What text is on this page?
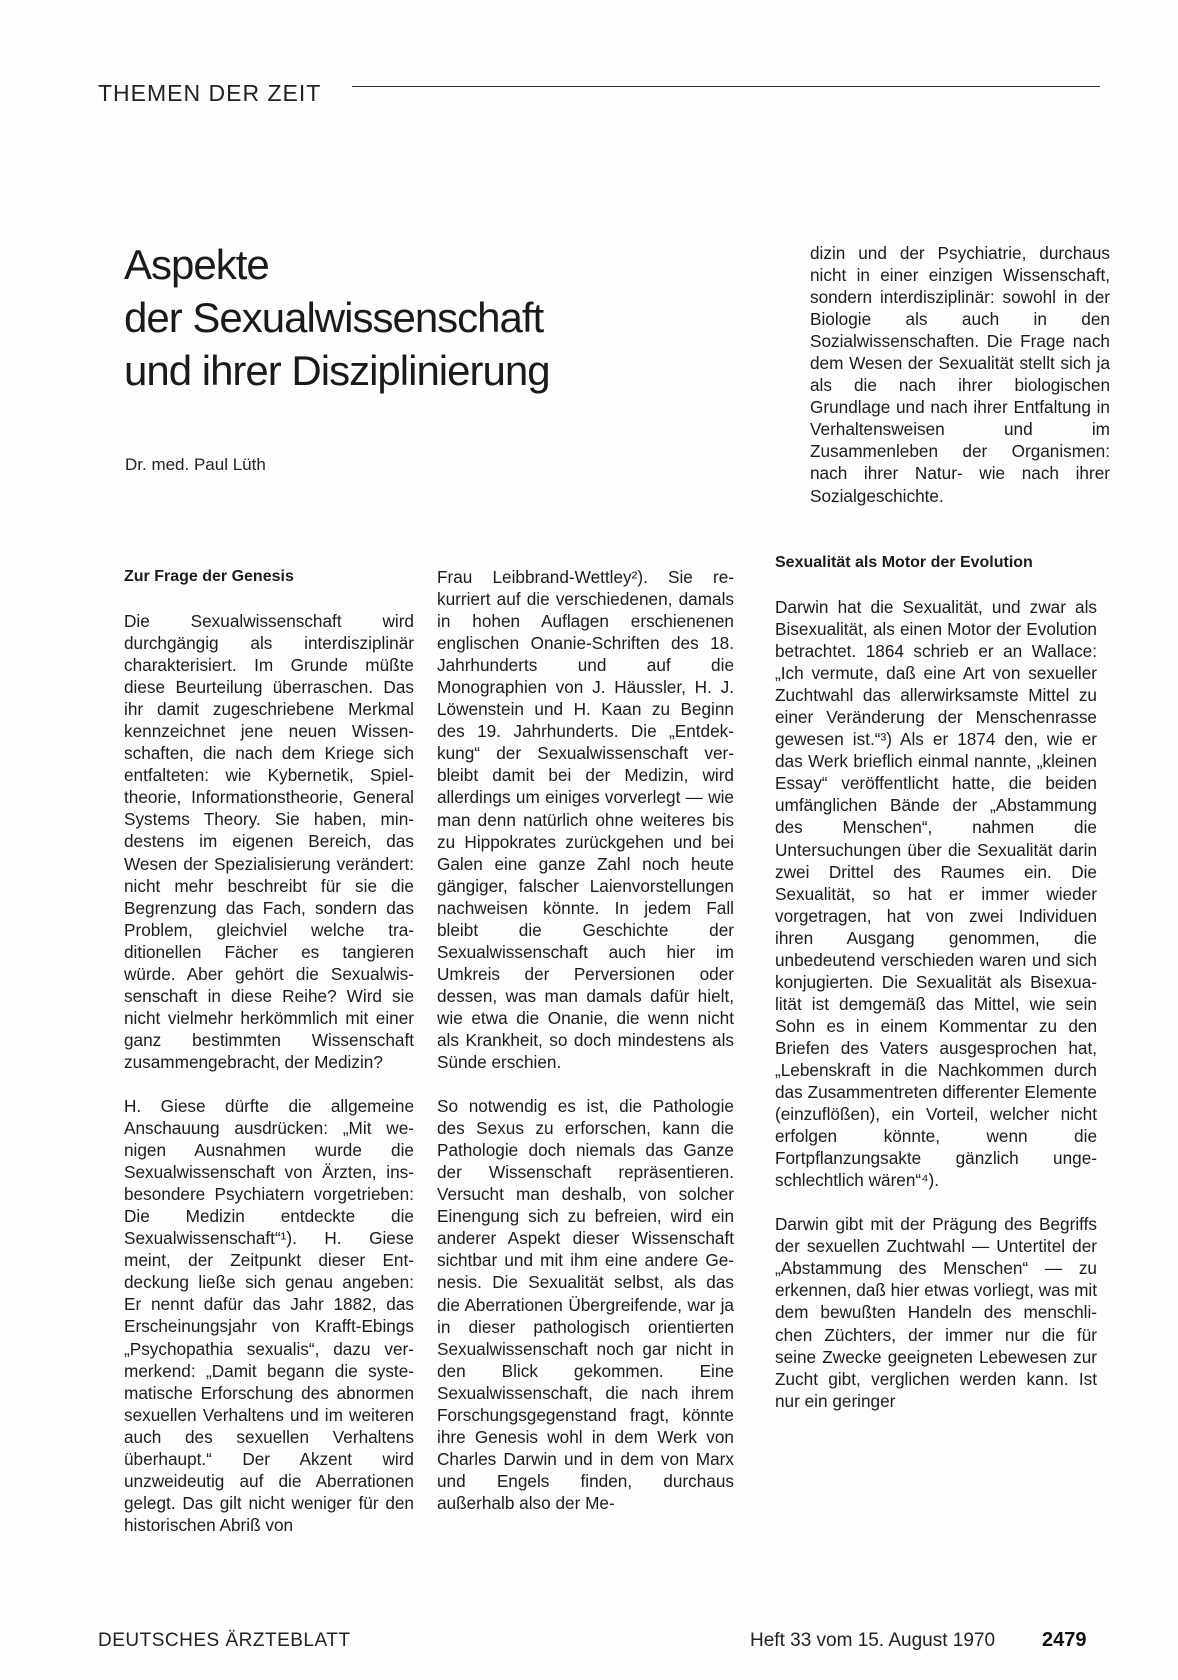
THEMEN DER ZEIT
Aspekte
der Sexualwissenschaft
und ihrer Disziplinierung
Dr. med. Paul Lüth

dizin und der Psychiatrie, durchaus nicht in einer einzigen Wissenschaft, sondern interdisziplinär: sowohl in der Biologie als auch in den Sozialwissenschaften. Die Frage nach dem Wesen der Sexualität stellt sich ja als die nach ihrer biologischen Grundlage und nach ihrer Entfaltung in Verhaltensweisen und im Zusammenleben der Organismen: nach ihrer Natur- wie nach ihrer Sozialgeschichte.

Zur Frage der Genesis

Die Sexualwissenschaft wird durchgängig als interdisziplinär charakterisiert. Im Grunde müßte diese Beurteilung überraschen. Das ihr damit zugeschriebene Merkmal kennzeichnet jene neuen Wissenschaften, die nach dem Kriege sich entfalteten: wie Kybernetik, Spieltheorie, Informationstheorie, General Systems Theory. Sie haben, mindestens im eigenen Bereich, das Wesen der Spezialisierung verändert: nicht mehr beschreibt für sie die Begrenzung das Fach, sondern das Problem, gleichviel welche traditionellen Fächer es tangieren würde. Aber gehört die Sexualwissenschaft in diese Reihe? Wird sie nicht vielmehr herkömmlich mit einer ganz bestimmten Wissenschaft zusammengebracht, der Medizin?

H. Giese dürfte die allgemeine Anschauung ausdrücken: „Mit wenigen Ausnahmen wurde die Sexualwissenschaft von Ärzten, insbesondere Psychiatern vorgetrieben: Die Medizin entdeckte die Sexualwissenschaft“¹). H. Giese meint, der Zeitpunkt dieser Entdeckung ließe sich genau angeben: Er nennt dafür das Jahr 1882, das Erscheinungsjahr von Krafft-Ebings „Psychopathia sexualis“, dazu vermerkend: „Damit begann die systematische Erforschung des abnormen sexuellen Verhaltens und im weiteren auch des sexuellen Verhaltens überhaupt.“ Der Akzent wird unzweideutig auf die Aberrationen gelegt. Das gilt nicht weniger für den historischen Abriß von

Frau Leibbrand-Wettley²). Sie rekurriert auf die verschiedenen, damals in hohen Auflagen erschienenen englischen Onanie-Schriften des 18. Jahrhunderts und auf die Monographien von J. Häussler, H. J. Löwenstein und H. Kaan zu Beginn des 19. Jahrhunderts. Die „Entdekkung“ der Sexualwissenschaft verbleibt damit bei der Medizin, wird allerdings um einiges vorverlegt — wie man denn natürlich ohne weiteres bis zu Hippokrates zurückgehen und bei Galen eine ganze Zahl noch heute gängiger, falscher Laienvorstellungen nachweisen könnte. In jedem Fall bleibt die Geschichte der Sexualwissenschaft auch hier im Umkreis der Perversionen oder dessen, was man damals dafür hielt, wie etwa die Onanie, die wenn nicht als Krankheit, so doch mindestens als Sünde erschien.

So notwendig es ist, die Pathologie des Sexus zu erforschen, kann die Pathologie doch niemals das Ganze der Wissenschaft repräsentieren. Versucht man deshalb, von solcher Einengung sich zu befreien, wird ein anderer Aspekt dieser Wissenschaft sichtbar und mit ihm eine andere Genesis. Die Sexualität selbst, als das die Aberrationen Übergreifende, war ja in dieser pathologisch orientierten Sexualwissenschaft noch gar nicht in den Blick gekommen. Eine Sexualwissenschaft, die nach ihrem Forschungsgegenstand fragt, könnte ihre Genesis wohl in dem Werk von Charles Darwin und in dem von Marx und Engels finden, durchaus außerhalb also der Me-

Sexualität als Motor der Evolution

Darwin hat die Sexualität, und zwar als Bisexualität, als einen Motor der Evolution betrachtet. 1864 schrieb er an Wallace: „Ich vermute, daß eine Art von sexueller Zuchtwahl das allerwirksamste Mittel zu einer Veränderung der Menschenrasse gewesen ist.“³) Als er 1874 den, wie er das Werk brieflich einmal nannte, „kleinen Essay“ veröffentlicht hatte, die beiden umfänglichen Bände der „Abstammung des Menschen“, nahmen die Untersuchungen über die Sexualität darin zwei Drittel des Raumes ein. Die Sexualität, so hat er immer wieder vorgetragen, hat von zwei Individuen ihren Ausgang genommen, die unbedeutend verschieden waren und sich konjugierten. Die Sexualität als Bisexualität ist demgemäß das Mittel, wie sein Sohn es in einem Kommentar zu den Briefen des Vaters ausgesprochen hat, „Lebenskraft in die Nachkommen durch das Zusammentreten differenter Elemente (einzuflößen), ein Vorteil, welcher nicht erfolgen könnte, wenn die Fortpflanzungsakte gänzlich ungeschlechtlich wären“⁴).

Darwin gibt mit der Prägung des Begriffs der sexuellen Zuchtwahl — Untertitel der „Abstammung des Menschen“ — zu erkennen, daß hier etwas vorliegt, was mit dem bewußten Handeln des menschlichen Züchters, der immer nur die für seine Zwecke geeigneten Lebewesen zur Zucht gibt, verglichen werden kann. Ist nur ein geringer

DEUTSCHES ÄRZTEBLATT	Heft 33 vom 15. August 1970 2479
